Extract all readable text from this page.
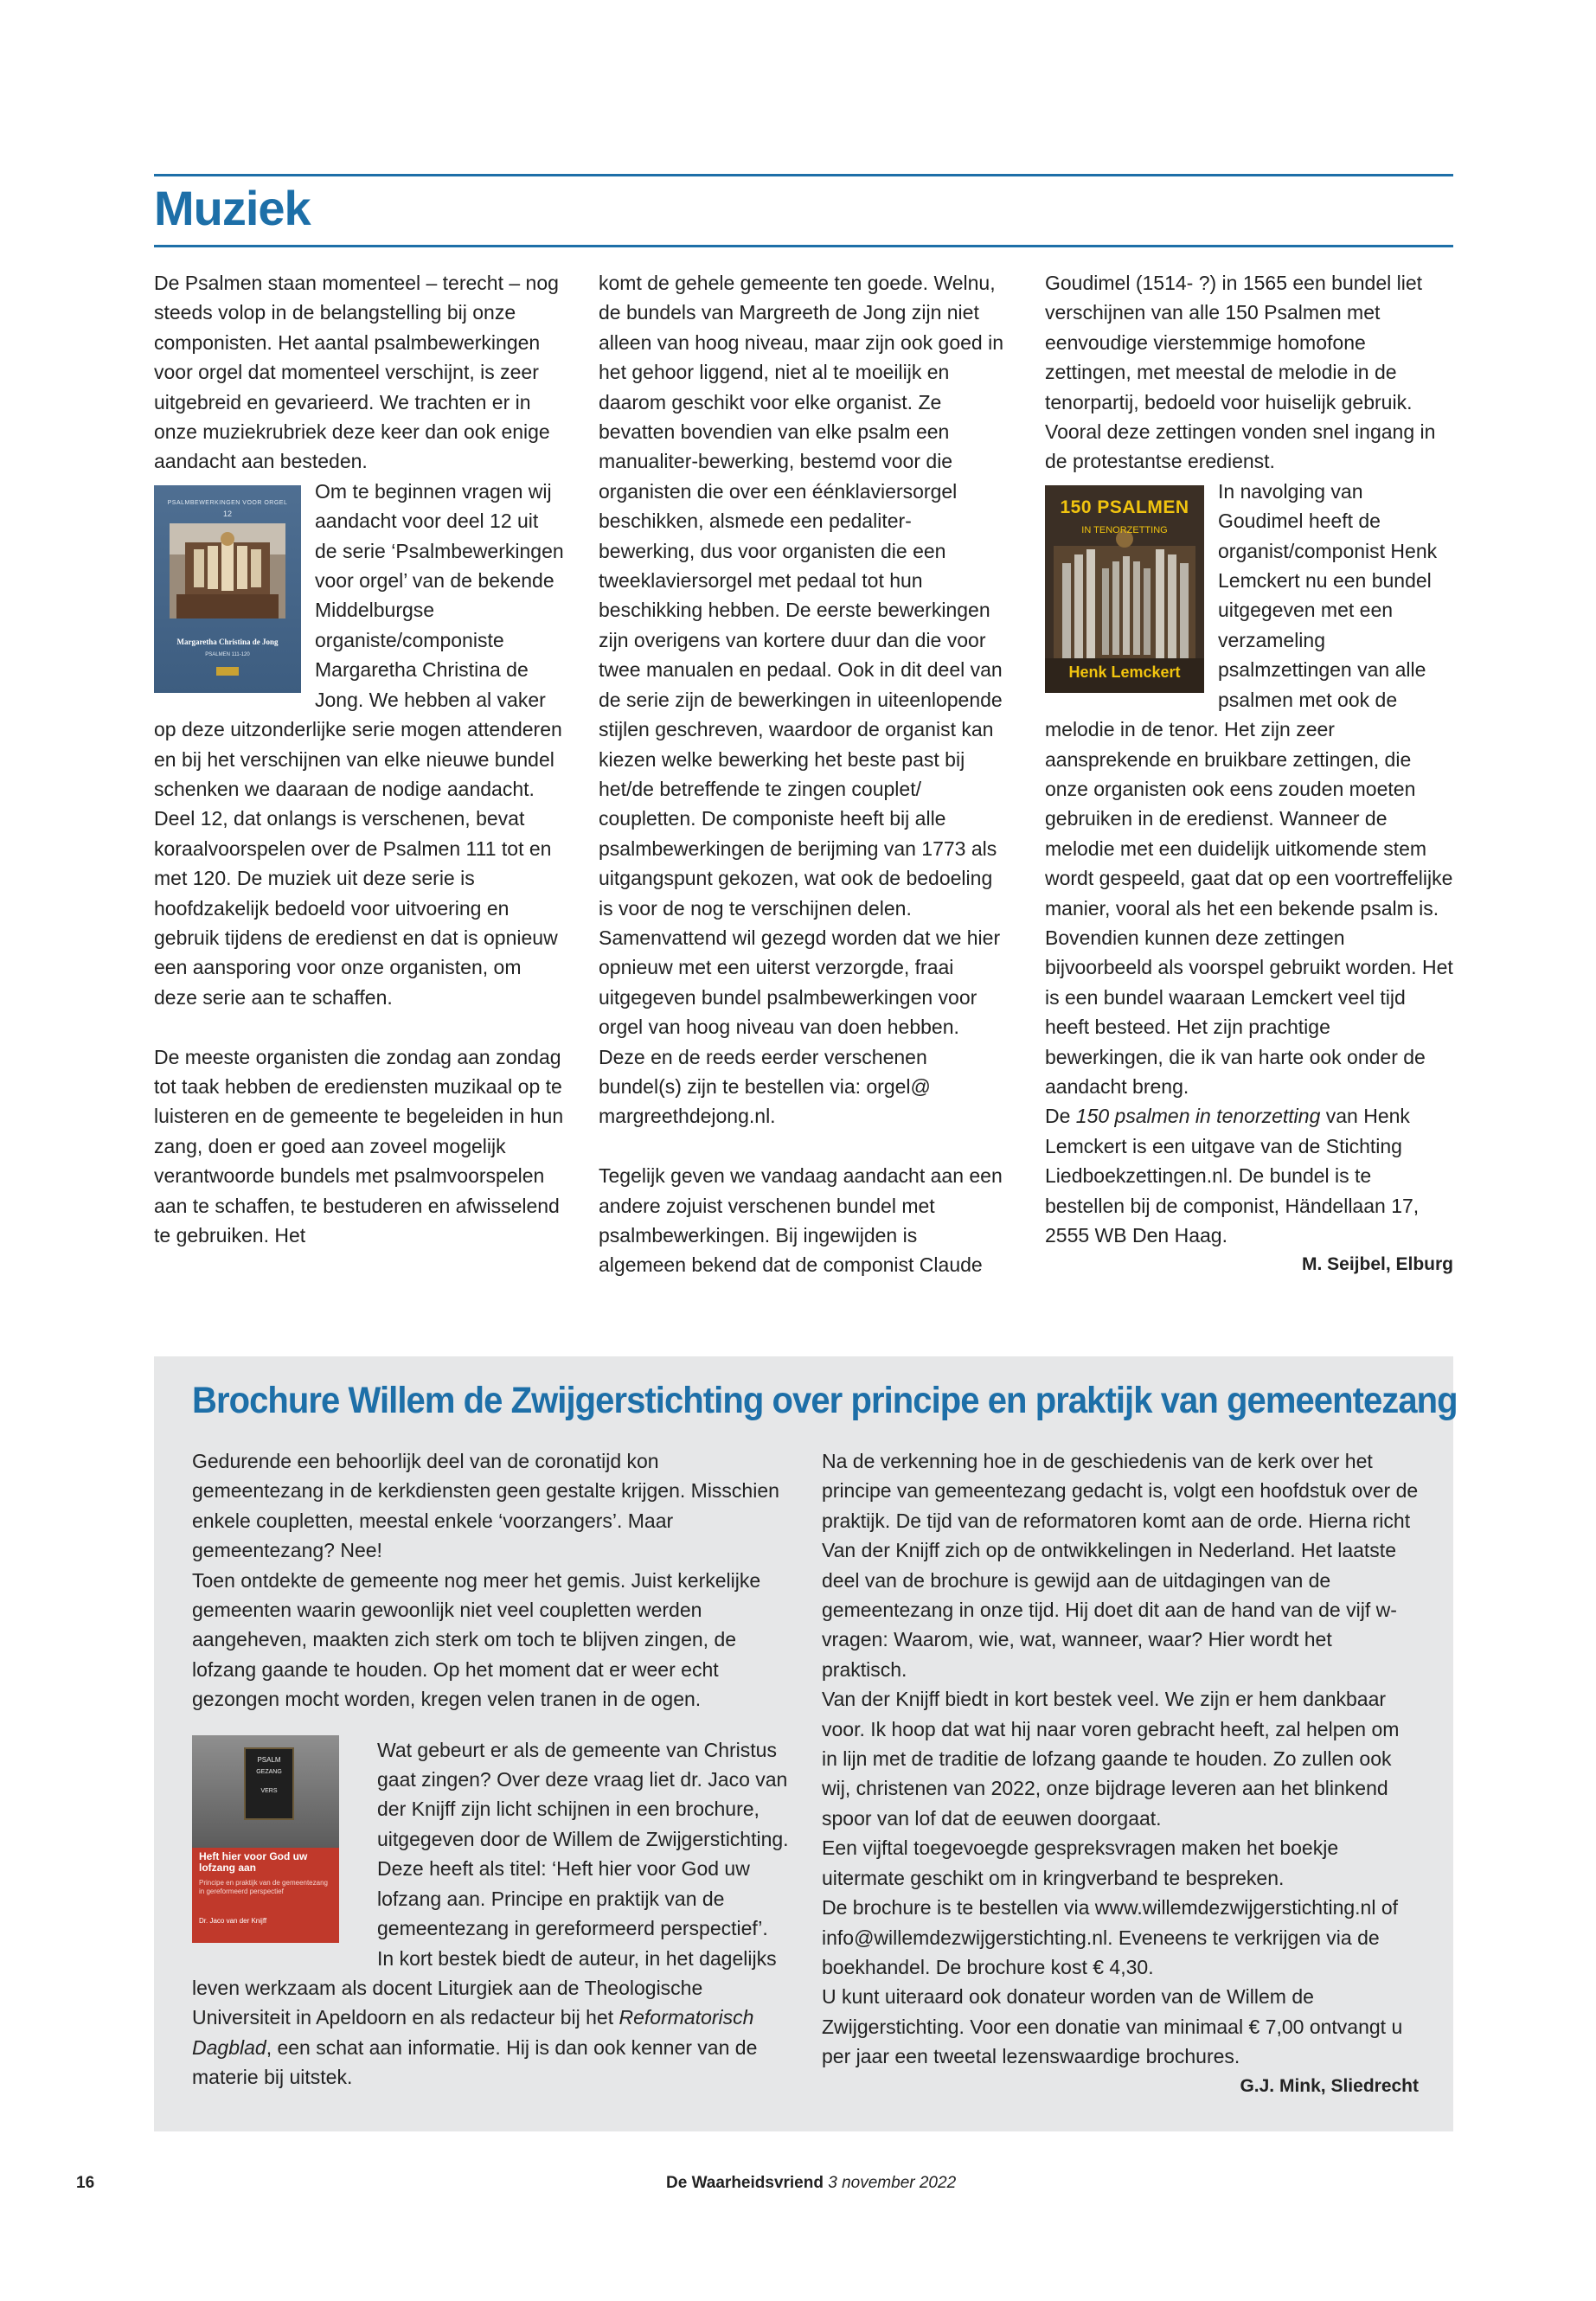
Muziek

De Psalmen staan momenteel – terecht – nog steeds volop in de belangstelling bij onze componisten. Het aantal psalmbewerkingen voor orgel dat momenteel verschijnt, is zeer uitgebreid en gevarieerd. We trachten er in onze muziekrubriek deze keer dan ook enige aandacht aan besteden.

PSALMBEWERKINGEN VOOR ORGEL
12
Margaretha Christina de Jong
PSALMEN 111-120

Om te beginnen vragen wij aandacht voor deel 12 uit de serie ‘Psalmbewerkingen voor orgel’ van de bekende Middelburgse organiste/componiste Margaretha Christina de Jong. We hebben al vaker op deze uitzonderlijke serie mogen attenderen en bij het verschijnen van elke nieuwe bundel schenken we daaraan de nodige aandacht.

Deel 12, dat onlangs is verschenen, bevat koraalvoorspelen over de Psalmen 111 tot en met 120. De muziek uit deze serie is hoofdzakelijk bedoeld voor uitvoering en gebruik tijdens de eredienst en dat is opnieuw een aansporing voor onze organisten, om deze serie aan te schaffen.

De meeste organisten die zondag aan zondag tot taak hebben de erediensten muzikaal op te luisteren en de gemeente te begeleiden in hun zang, doen er goed aan zoveel mogelijk verantwoorde bundels met psalmvoorspelen aan te schaffen, te bestuderen en afwisselend te gebruiken. Het

komt de gehele gemeente ten goede. Welnu, de bundels van Margreeth de Jong zijn niet alleen van hoog niveau, maar zijn ook goed in het gehoor liggend, niet al te moeilijk en daarom geschikt voor elke organist. Ze bevatten bovendien van elke psalm een manualiter-bewerking, bestemd voor die organisten die over een éénklaviersorgel beschikken, alsmede een pedaliter-bewerking, dus voor organisten die een tweeklaviersorgel met pedaal tot hun beschikking hebben. De eerste bewerkingen zijn overigens van kortere duur dan die voor twee manualen en pedaal. Ook in dit deel van de serie zijn de bewerkingen in uiteenlopende stijlen geschreven, waardoor de organist kan kiezen welke bewerking het beste past bij het/de betreffende te zingen couplet/ coupletten. De componiste heeft bij alle psalmbewerkingen de berijming van 1773 als uitgangspunt gekozen, wat ook de bedoeling is voor de nog te verschijnen delen. Samenvattend wil gezegd worden dat we hier opnieuw met een uiterst verzorgde, fraai uitgegeven bundel psalmbewerkingen voor orgel van hoog niveau van doen hebben.

Deze en de reeds eerder verschenen bundel(s) zijn te bestellen via: orgel@ margreethdejong.nl.

Tegelijk geven we vandaag aandacht aan een andere zojuist verschenen bundel met psalmbewerkingen. Bij ingewijden is algemeen bekend dat de componist Claude

Goudimel (1514- ?) in 1565 een bundel liet verschijnen van alle 150 Psalmen met eenvoudige vierstemmige homofone zettingen, met meestal de melodie in de tenorpartij, bedoeld voor huiselijk gebruik. Vooral deze zettingen vonden snel ingang in de protestantse eredienst.

150 PSALMEN
IN TENORZETTING
Henk Lemckert

In navolging van Goudimel heeft de organist/componist Henk Lemckert nu een bundel uitgegeven met een verzameling psalmzettingen van alle psalmen met ook de melodie in de tenor. Het zijn zeer aansprekende en bruikbare zettingen, die onze organisten ook eens zouden moeten gebruiken in de eredienst. Wanneer de melodie met een duidelijk uitkomende stem wordt gespeeld, gaat dat op een voortreffelijke manier, vooral als het een bekende psalm is. Bovendien kunnen deze zettingen bijvoorbeeld als voorspel gebruikt worden. Het is een bundel waaraan Lemckert veel tijd heeft besteed. Het zijn prachtige bewerkingen, die ik van harte ook onder de aandacht breng.

De 150 psalmen in tenorzetting van Henk Lemckert is een uitgave van de Stichting Liedboekzettingen.nl. De bundel is te bestellen bij de componist, Händellaan 17, 2555 WB Den Haag.

M. Seijbel, Elburg

Brochure Willem de Zwijgerstichting over principe en praktijk van gemeentezang

Gedurende een behoorlijk deel van de coronatijd kon gemeentezang in de kerkdiensten geen gestalte krijgen. Misschien enkele coupletten, meestal enkele ‘voorzangers’. Maar gemeentezang? Nee!

Toen ontdekte de gemeente nog meer het gemis. Juist kerkelijke gemeenten waarin gewoonlijk niet veel coupletten werden aangeheven, maakten zich sterk om toch te blijven zingen, de lofzang gaande te houden. Op het moment dat er weer echt gezongen mocht worden, kregen velen tranen in de ogen.

PSALM
GEZANG
VERS
Heft hier voor God uw lofzang aan
Principe en praktijk van de gemeentezang in gereformeerd perspectief
Dr. Jaco van der Knijff

Wat gebeurt er als de gemeente van Christus gaat zingen? Over deze vraag liet dr. Jaco van der Knijff zijn licht schijnen in een brochure, uitgegeven door de Willem de Zwijgerstichting. Deze heeft als titel: ‘Heft hier voor God uw lofzang aan. Principe en praktijk van de gemeentezang in gereformeerd perspectief’. In kort bestek biedt de auteur, in het dagelijks leven werkzaam als docent Liturgiek aan de Theologische Universiteit in Apeldoorn en als redacteur bij het Reformatorisch Dagblad, een schat aan informatie. Hij is dan ook kenner van de materie bij uitstek.

Na de verkenning hoe in de geschiedenis van de kerk over het principe van gemeentezang gedacht is, volgt een hoofdstuk over de praktijk. De tijd van de reformatoren komt aan de orde. Hierna richt Van der Knijff zich op de ontwikkelingen in Nederland. Het laatste deel van de brochure is gewijd aan de uitdagingen van de gemeentezang in onze tijd. Hij doet dit aan de hand van de vijf w-vragen: Waarom, wie, wat, wanneer, waar? Hier wordt het praktisch.

Van der Knijff biedt in kort bestek veel. We zijn er hem dankbaar voor. Ik hoop dat wat hij naar voren gebracht heeft, zal helpen om in lijn met de traditie de lofzang gaande te houden. Zo zullen ook wij, christenen van 2022, onze bijdrage leveren aan het blinkend spoor van lof dat de eeuwen doorgaat.

Een vijftal toegevoegde gespreksvragen maken het boekje uitermate geschikt om in kringverband te bespreken.

De brochure is te bestellen via www.willemdezwijgerstichting.nl of info@willemdezwijgerstichting.nl. Eveneens te verkrijgen via de boekhandel. De brochure kost € 4,30.

U kunt uiteraard ook donateur worden van de Willem de Zwijgerstichting. Voor een donatie van minimaal € 7,00 ontvangt u per jaar een tweetal lezenswaardige brochures.

G.J. Mink, Sliedrecht

16	De Waarheidsvriend 3 november 2022
